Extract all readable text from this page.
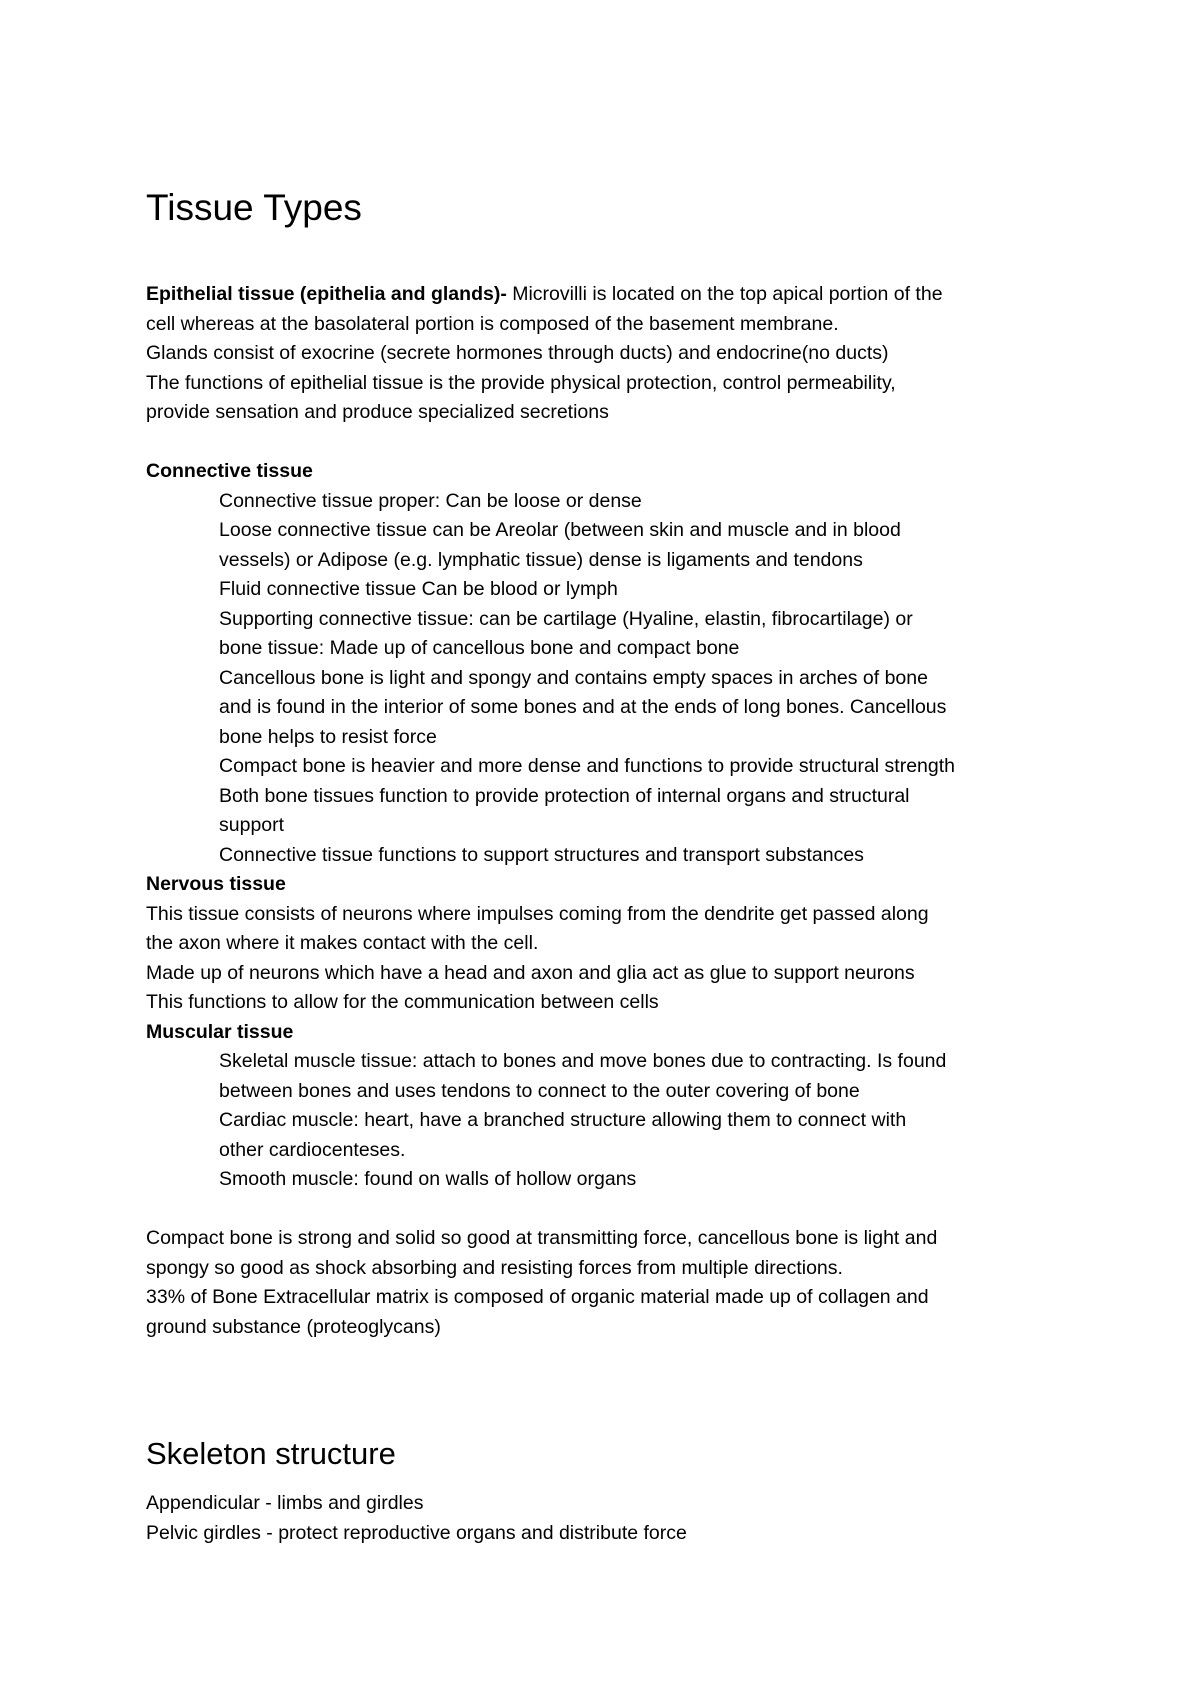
Tissue Types
Epithelial tissue (epithelia and glands)- Microvilli is located on the top apical portion of the
cell whereas at the basolateral portion is composed of the basement membrane.
Glands consist of exocrine (secrete hormones through ducts) and endocrine(no ducts)
The functions of epithelial tissue is the provide physical protection, control permeability,
provide sensation and produce specialized secretions
Connective tissue
Connective tissue proper: Can be loose or dense
Loose connective tissue can be Areolar (between skin and muscle and in blood
vessels) or Adipose (e.g. lymphatic tissue) dense is ligaments and tendons
Fluid connective tissue Can be blood or lymph
Supporting connective tissue: can be cartilage (Hyaline, elastin, fibrocartilage) or
bone tissue: Made up of cancellous bone and compact bone
Cancellous bone is light and spongy and contains empty spaces in arches of bone
and is found in the interior of some bones and at the ends of long bones. Cancellous
bone helps to resist force
Compact bone is heavier and more dense and functions to provide structural strength
Both bone tissues function to provide protection of internal organs and structural
support
Connective tissue functions to support structures and transport substances
Nervous tissue
This tissue consists of neurons where impulses coming from the dendrite get passed along
the axon where it makes contact with the cell.
Made up of neurons which have a head and axon and glia act as glue to support neurons
This functions to allow for the communication between cells
Muscular tissue
Skeletal muscle tissue: attach to bones and move bones due to contracting. Is found
between bones and uses tendons to connect to the outer covering of bone
Cardiac muscle: heart, have a branched structure allowing them to connect with
other cardiocenteses.
Smooth muscle: found on walls of hollow organs
Compact bone is strong and solid so good at transmitting force, cancellous bone is light and
spongy so good as shock absorbing and resisting forces from multiple directions.
33% of Bone Extracellular matrix is composed of organic material made up of collagen and
ground substance (proteoglycans)
Skeleton structure
Appendicular - limbs and girdles
Pelvic girdles - protect reproductive organs and distribute force
